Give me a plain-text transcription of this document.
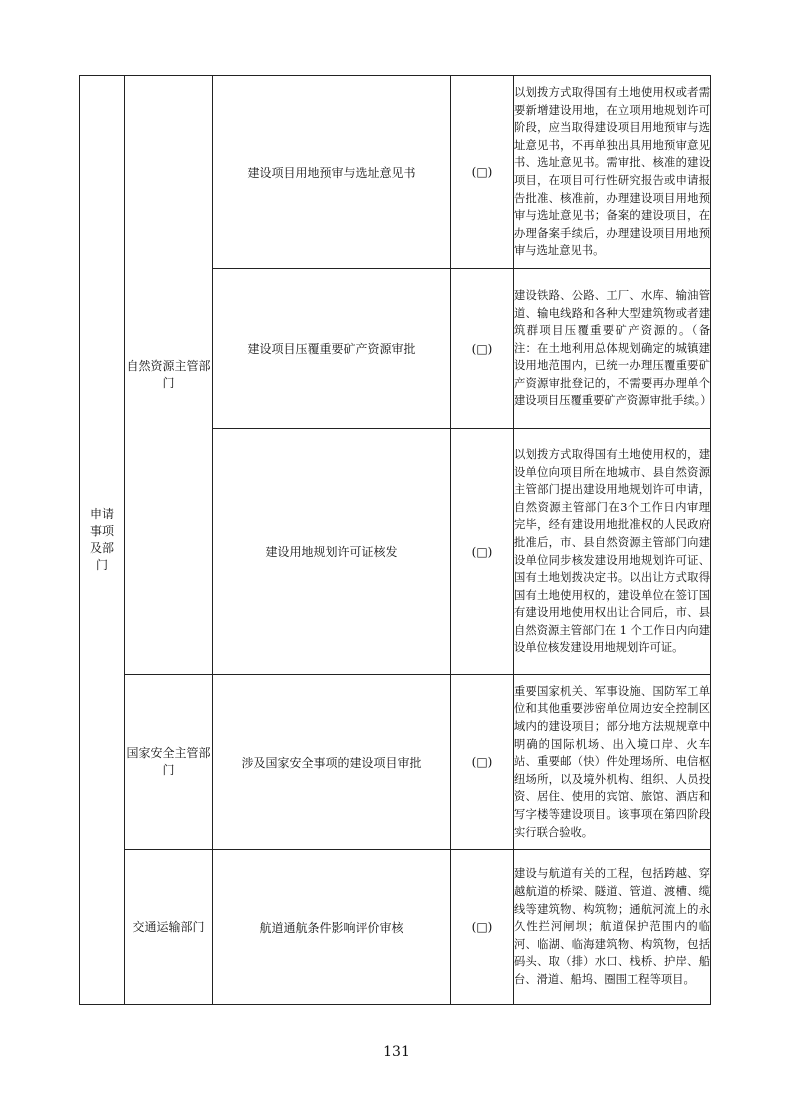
申请事项及部门	自然资源主管部门	建设项目用地预审与选址意见书	(□)	以划拨方式取得国有土地使用权或者需要新增建设用地，在立项用地规划许可阶段，应当取得建设项目用地预审与选址意见书，不再单独出具用地预审意见书、选址意见书。需审批、核准的建设项目，在项目可行性研究报告或申请报告批准、核准前，办理建设项目用地预审与选址意见书；备案的建设项目，在办理备案手续后，办理建设项目用地预审与选址意见书。
		建设项目压覆重要矿产资源审批	(□)	建设铁路、公路、工厂、水库、输油管道、输电线路和各种大型建筑物或者建筑群项目压覆重要矿产资源的。（备注：在土地利用总体规划确定的城镇建设用地范围内，已统一办理压覆重要矿产资源审批登记的，不需要再办理单个建设项目压覆重要矿产资源审批手续。）
		建设用地规划许可证核发	(□)	以划拨方式取得国有土地使用权的，建设单位向项目所在地城市、县自然资源主管部门提出建设用地规划许可申请，自然资源主管部门在3个工作日内审理完毕，经有建设用地批准权的人民政府批准后，市、县自然资源主管部门向建设单位同步核发建设用地规划许可证、国有土地划拨决定书。以出让方式取得国有土地使用权的，建设单位在签订国有建设用地使用权出让合同后，市、县自然资源主管部门在 1 个工作日内向建设单位核发建设用地规划许可证。
	国家安全主管部门	涉及国家安全事项的建设项目审批	(□)	重要国家机关、军事设施、国防军工单位和其他重要涉密单位周边安全控制区域内的建设项目；部分地方法规规章中明确的国际机场、出入境口岸、火车站、重要邮（快）件处理场所、电信枢纽场所，以及境外机构、组织、人员投资、居住、使用的宾馆、旅馆、酒店和写字楼等建设项目。该事项在第四阶段实行联合验收。
	交通运输部门	航道通航条件影响评价审核	(□)	建设与航道有关的工程，包括跨越、穿越航道的桥梁、隧道、管道、渡槽、缆线等建筑物、构筑物；通航河流上的永久性拦河闸坝；航道保护范围内的临河、临湖、临海建筑物、构筑物，包括码头、取（排）水口、栈桥、护岸、船台、滑道、船坞、圈围工程等项目。
131
